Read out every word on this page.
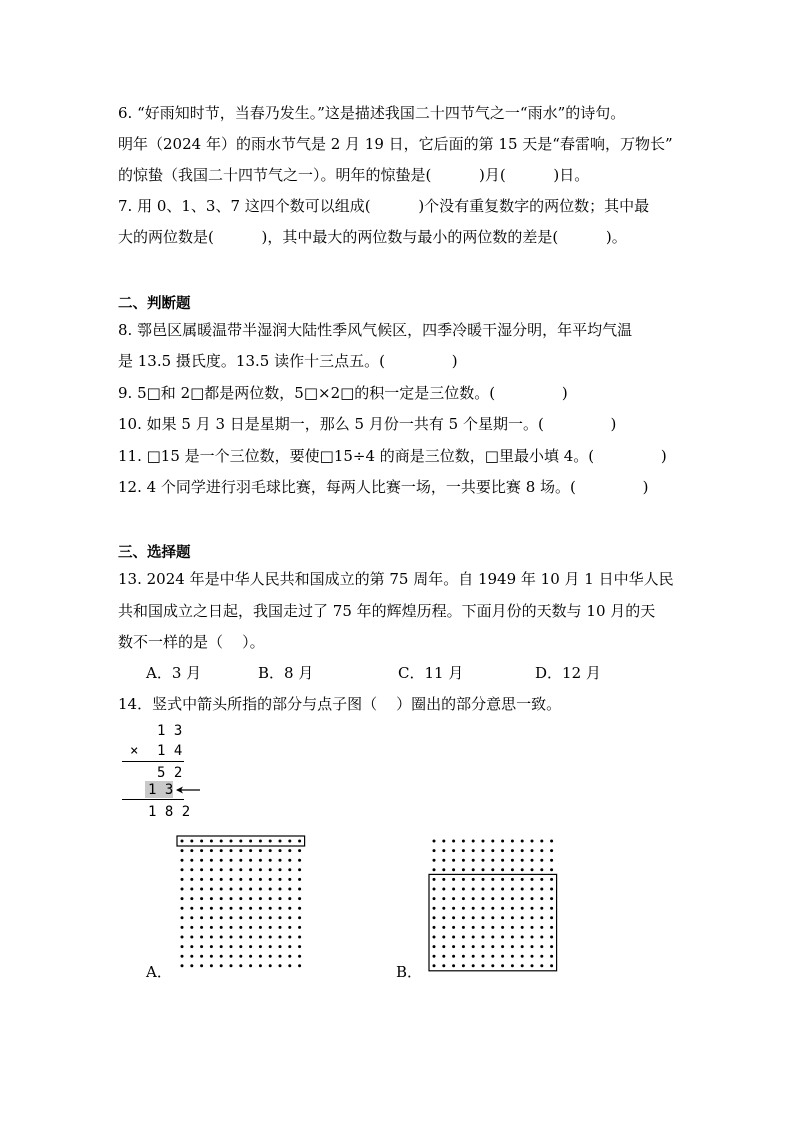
6. “好雨知时节，当春乃发生。”这是描述我国二十四节气之一“雨水”的诗句。
明年（2024 年）的雨水节气是 2 月 19 日，它后面的第 15 天是“春雷响，万物长”
的惊蛰（我国二十四节气之一）。明年的惊蛰是(          )月(          )日。
7. 用 0、1、3、7 这四个数可以组成(          )个没有重复数字的两位数；其中最
大的两位数是(          )，其中最大的两位数与最小的两位数的差是(          )。
二、判断题
8. 鄠邑区属暖温带半湿润大陆性季风气候区，四季冷暖干湿分明，年平均气温
是 13.5 摄氏度。13.5 读作十三点五。(              )
9. 5□和 2□都是两位数，5□×2□的积一定是三位数。(              )
10. 如果 5 月 3 日是星期一，那么 5 月份一共有 5 个星期一。(              )
11. □15 是一个三位数，要使□15÷4 的商是三位数，□里最小填 4。(              )
12. 4 个同学进行羽毛球比赛，每两人比赛一场，一共要比赛 8 场。(              )
三、选择题
13. 2024 年是中华人民共和国成立的第 75 周年。自 1949 年 10 月 1 日中华人民
共和国成立之日起，我国走过了 75 年的辉煌历程。下面月份的天数与 10 月的天
数不一样的是（    ）。
A．3 月	B．8 月	C．11 月	D．12 月
14．竖式中箭头所指的部分与点子图（    ）圈出的部分意思一致。
1 3
× 1 4
5 2
1 3
1 8 2
A．	B．
